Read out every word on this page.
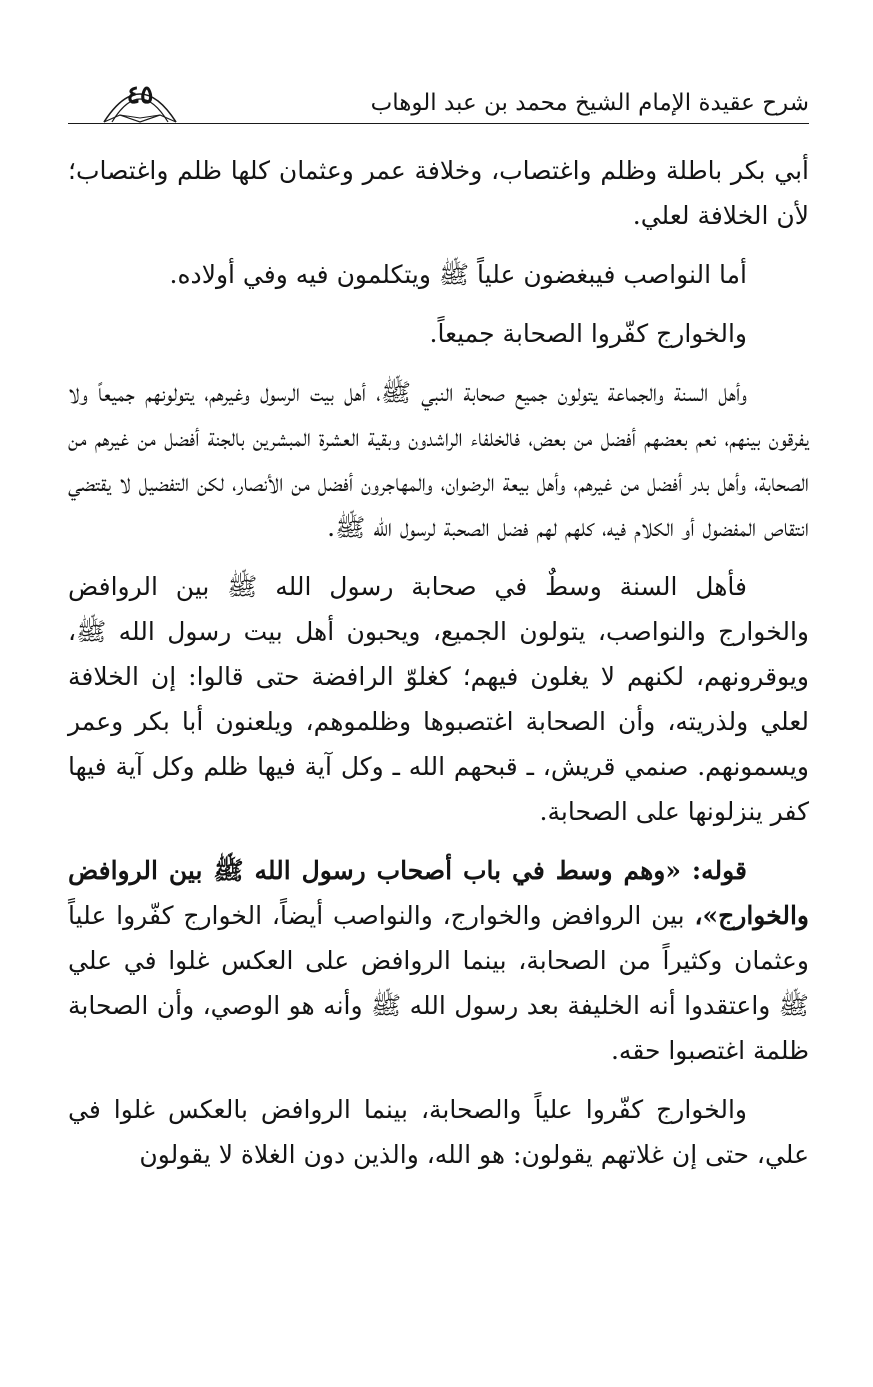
شرح عقيدة الإمام الشيخ محمد بن عبد الوهاب
٤٥

أبي بكر باطلة وظلم واغتصاب، وخلافة عمر وعثمان كلها ظلم واغتصاب؛ لأن الخلافة لعلي.

أما النواصب فيبغضون علياً ﷺ ويتكلمون فيه وفي أولاده.

والخوارج كفّروا الصحابة جميعاً.

وأهل السنة والجماعة يتولون جميع صحابة النبي ﷺ، أهل بيت الرسول وغيرهم، يتولونهم جميعاً ولا يفرقون بينهم، نعم بعضهم أفضل من بعض، فالخلفاء الراشدون وبقية العشرة المبشرين بالجنة أفضل من غيرهم من الصحابة، وأهل بدر أفضل من غيرهم، وأهل بيعة الرضوان، والمهاجرون أفضل من الأنصار، لكن التفضيل لا يقتضي انتقاص المفضول أو الكلام فيه، كلهم لهم فضل الصحبة لرسول الله ﷺ.

فأهل السنة وسطٌ في صحابة رسول الله ﷺ بين الروافض والخوارج والنواصب، يتولون الجميع، ويحبون أهل بيت رسول الله ﷺ، ويوقرونهم، لكنهم لا يغلون فيهم؛ كغلوّ الرافضة حتى قالوا: إن الخلافة لعلي ولذريته، وأن الصحابة اغتصبوها وظلموهم، ويلعنون أبا بكر وعمر ويسمونهم. صنمي قريش، ـ قبحهم الله ـ وكل آية فيها ظلم وكل آية فيها كفر ينزلونها على الصحابة.

قوله: «وهم وسط في باب أصحاب رسول الله ﷺ بين الروافض والخوارج»، بين الروافض والخوارج، والنواصب أيضاً، الخوارج كفّروا علياً وعثمان وكثيراً من الصحابة، بينما الروافض على العكس غلوا في علي ﷺ واعتقدوا أنه الخليفة بعد رسول الله ﷺ وأنه هو الوصي، وأن الصحابة ظلمة اغتصبوا حقه.

والخوارج كفّروا علياً والصحابة، بينما الروافض بالعكس غلوا في علي، حتى إن غلاتهم يقولون: هو الله، والذين دون الغلاة لا يقولون
